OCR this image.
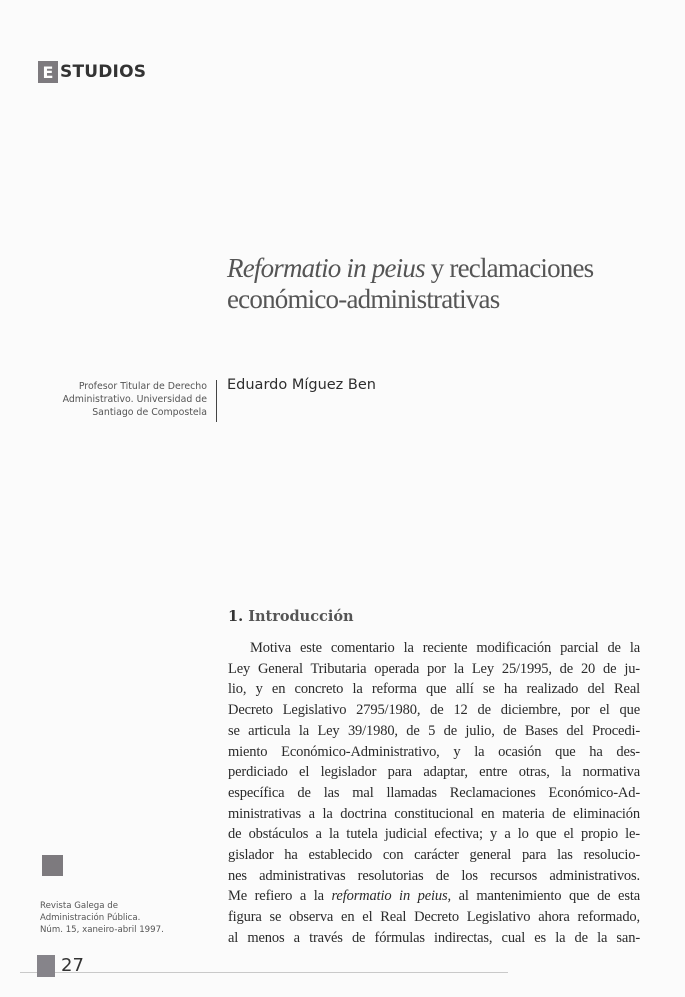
E STUDIOS
Reformatio in peius y reclamaciones
económico-administrativas
Profesor Titular de Derecho
Administrativo. Universidad de
Santiago de Compostela
Eduardo Míguez Ben
1. Introducción
Motiva este comentario la reciente modificación parcial de la
Ley General Tributaria operada por la Ley 25/1995, de 20 de ju-
lio, y en concreto la reforma que allí se ha realizado del Real
Decreto Legislativo 2795/1980, de 12 de diciembre, por el que
se articula la Ley 39/1980, de 5 de julio, de Bases del Procedi-
miento Económico-Administrativo, y la ocasión que ha des-
perdiciado el legislador para adaptar, entre otras, la normativa
específica de las mal llamadas Reclamaciones Económico-Ad-
ministrativas a la doctrina constitucional en materia de eliminación
de obstáculos a la tutela judicial efectiva; y a lo que el propio le-
gislador ha establecido con carácter general para las resolucio-
nes administrativas resolutorias de los recursos administrativos.
Me refiero a la reformatio in peius, al mantenimiento que de esta
figura se observa en el Real Decreto Legislativo ahora reformado,
al menos a través de fórmulas indirectas, cual es la de la san-
Revista Galega de
Administración Pública.
Núm. 15, xaneiro-abril 1997.
27
